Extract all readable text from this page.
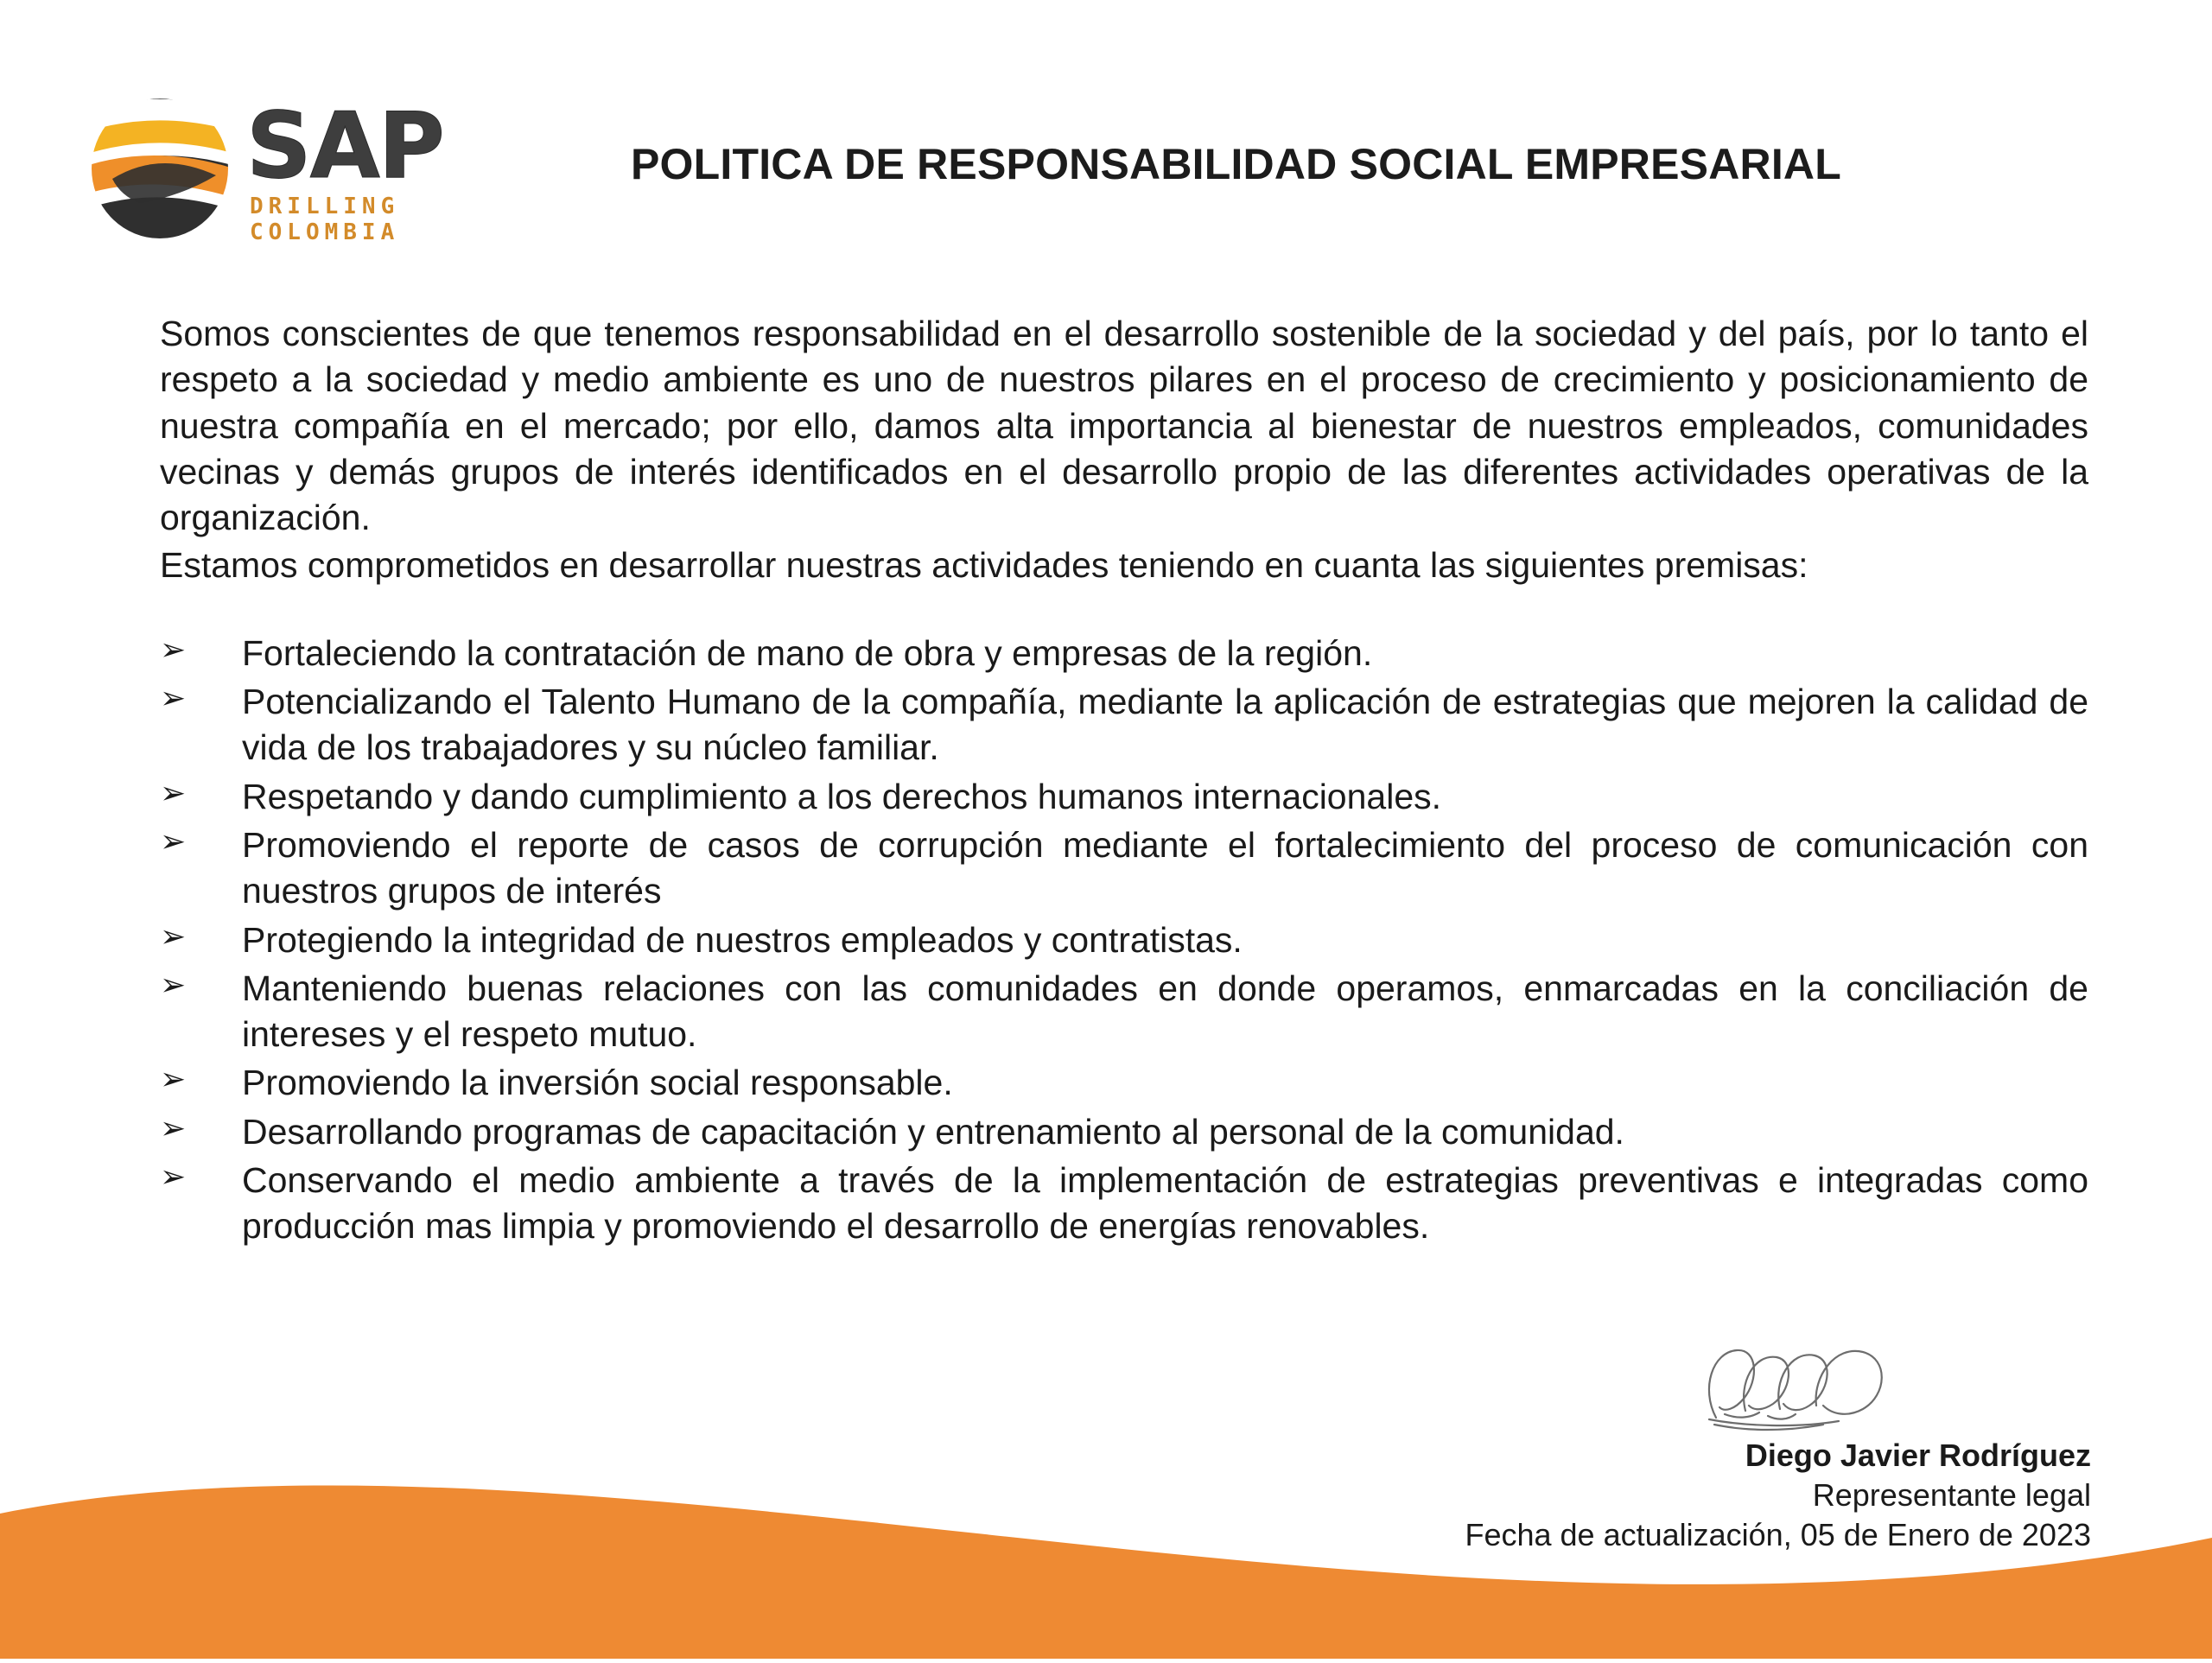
SAP
DRILLING COLOMBIA
POLITICA DE RESPONSABILIDAD SOCIAL EMPRESARIAL

Somos conscientes de que tenemos responsabilidad en el desarrollo sostenible de la sociedad y del país, por lo tanto el respeto a la sociedad y medio ambiente es uno de nuestros pilares en el proceso de crecimiento y posicionamiento de nuestra compañía en el mercado; por ello, damos alta importancia al bienestar de nuestros empleados, comunidades vecinas y demás grupos de interés identificados en el desarrollo propio de las diferentes actividades operativas de la organización.

Estamos comprometidos en desarrollar nuestras actividades teniendo en cuanta las siguientes premisas:

➢	Fortaleciendo la contratación de mano de obra y empresas de la región.
➢	Potencializando el Talento Humano de la compañía, mediante la aplicación de estrategias que mejoren la calidad de vida de los trabajadores y su núcleo familiar.
➢	Respetando y dando cumplimiento a los derechos humanos internacionales.
➢	Promoviendo el reporte de casos de corrupción mediante el fortalecimiento del proceso de comunicación con nuestros grupos de interés
➢	Protegiendo la integridad de nuestros empleados y contratistas.
➢	Manteniendo buenas relaciones con las comunidades en donde operamos, enmarcadas en la conciliación de intereses y el respeto mutuo.
➢	Promoviendo la inversión social responsable.
➢	Desarrollando programas de capacitación y entrenamiento al personal de la comunidad.
➢	Conservando el medio ambiente a través de la implementación de estrategias preventivas e integradas como producción mas limpia y promoviendo el desarrollo de energías renovables.
Diego Javier Rodríguez
Representante legal
Fecha de actualización, 05 de Enero de 2023
